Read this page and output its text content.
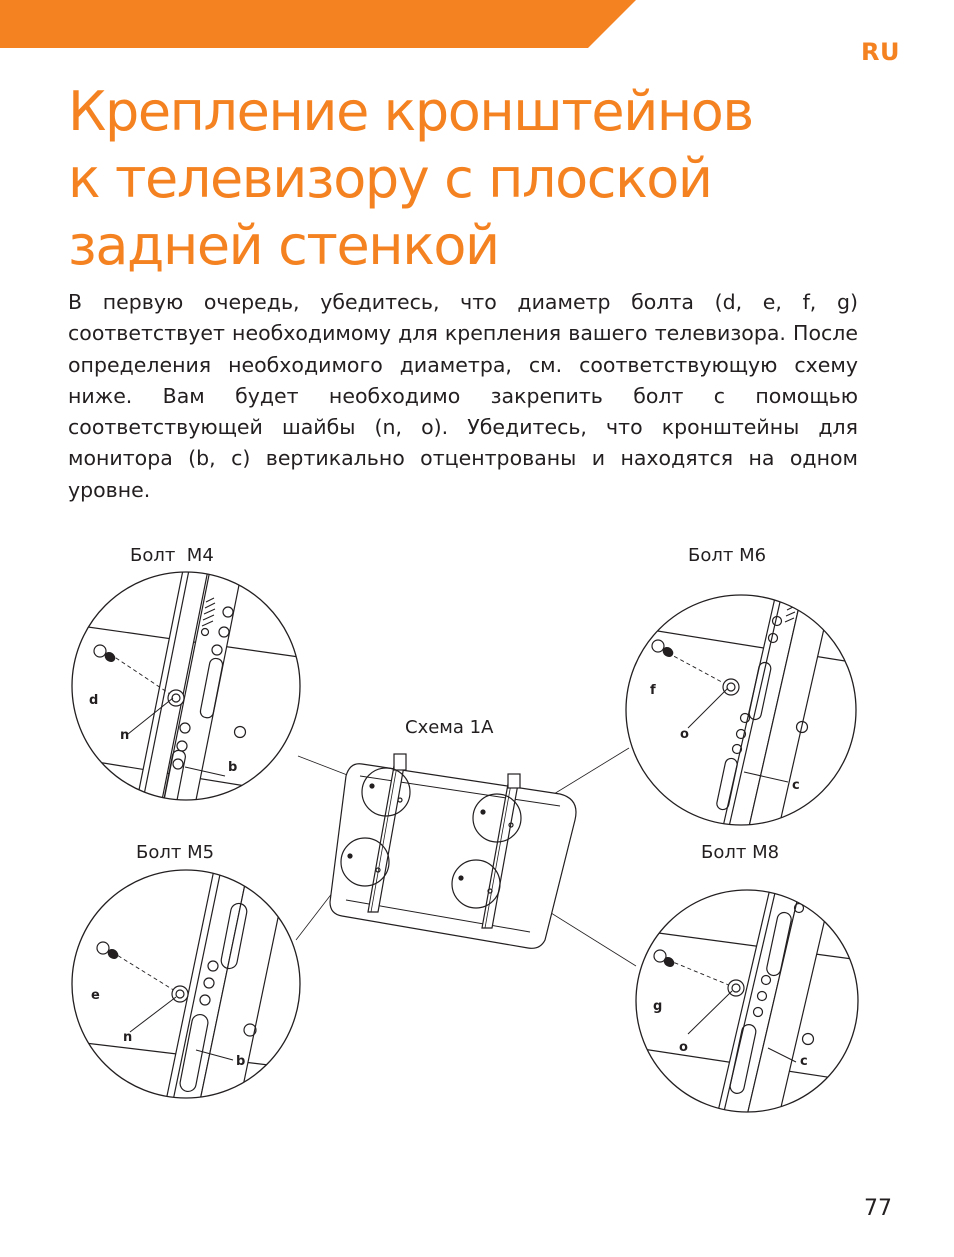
RU
Крепление кронштейнов
к телевизору с плоской
задней стенкой

В первую очередь, убедитесь, что диаметр болта (d, e, f, g) соответствует необходимому для крепления вашего телевизора. После определения необходимого диаметра, см. соответствующую схему ниже. Вам будет необходимо закрепить болт с помощью соответствующей шайбы (n, o). Убедитесь, что кронштейны для монитора (b, c) вертикально отцентрованы и находятся на одном уровне.

Болт  M4	Болт M6
Болт M5	Болт M8
Схема 1A
d
n
b
f
o
c
e
n
b
g
o
c
77
